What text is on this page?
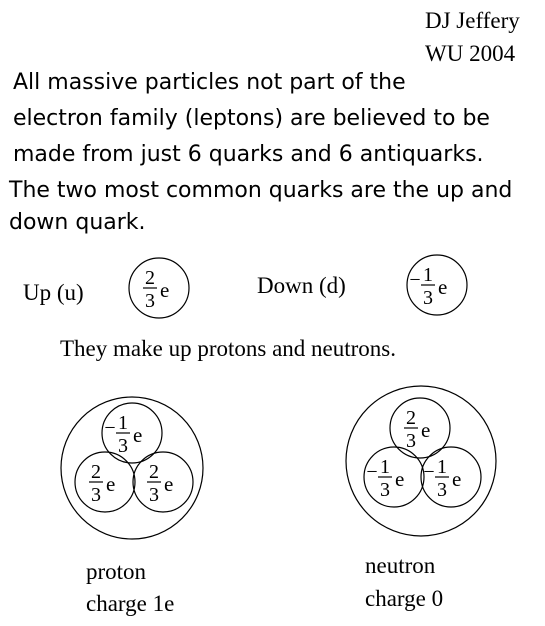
DJ Jeffery
WU 2004
All massive particles not part of the
electron family (leptons) are believed to be
made from just 6 quarks and 6 antiquarks.
The two most common quarks are the up and
down quark.
Up (u)	Down (d)
They make up protons and neutrons.
proton
charge 1e
neutron
charge 0
2
3 e	− 1
3 e
− 1
3 e
2
3 e 2
3 e
2
3 e
− 1
3 e − 1
3 e
